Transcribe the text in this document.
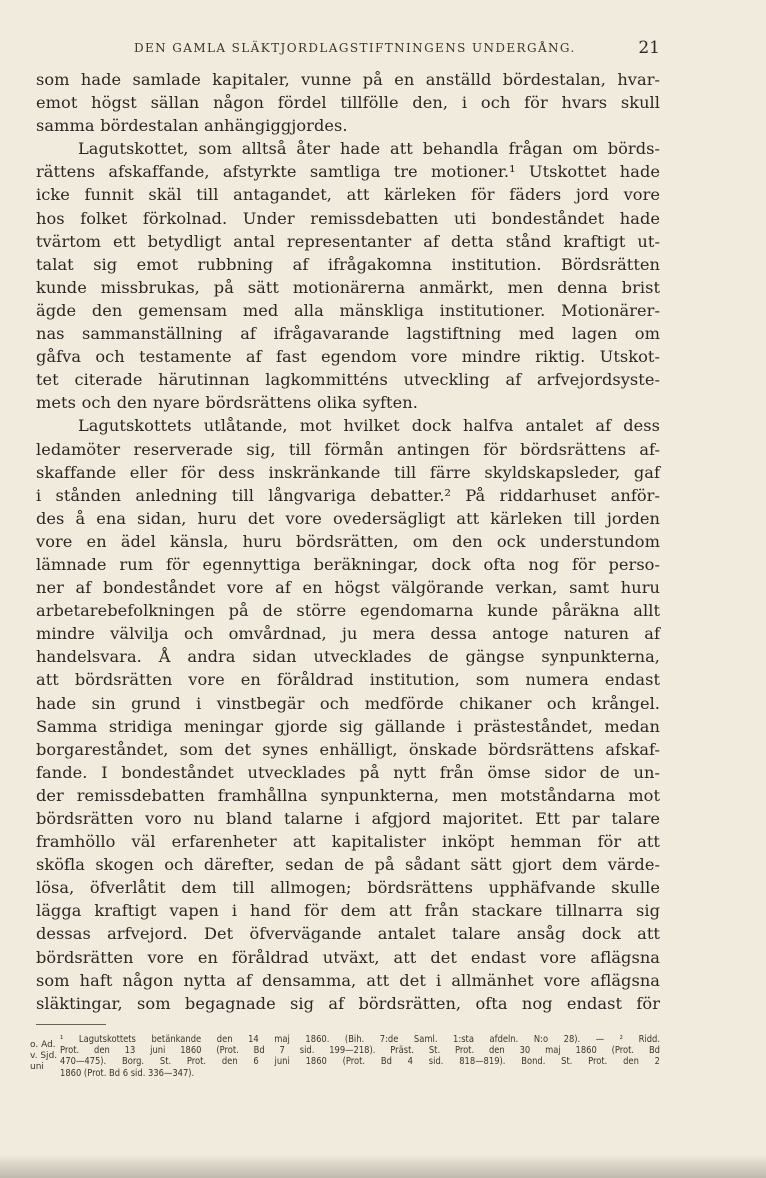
DEN GAMLA SLÄKTJORDLAGSTIFTNINGENS UNDERGÅNG.	21
som hade samlade kapitaler, vunne på en anställd bördestalan, hvar-
emot högst sällan någon fördel tillfölle den, i och för hvars skull
samma bördestalan anhängiggjordes.
Lagutskottet, som alltså åter hade att behandla frågan om börds-
rättens afskaffande, afstyrkte samtliga tre motioner.¹ Utskottet hade
icke funnit skäl till antagandet, att kärleken för fäders jord vore
hos folket förkolnad. Under remissdebatten uti bondeståndet hade
tvärtom ett betydligt antal representanter af detta stånd kraftigt ut-
talat sig emot rubbning af ifrågakomna institution. Bördsrätten
kunde missbrukas, på sätt motionärerna anmärkt, men denna brist
ägde den gemensam med alla mänskliga institutioner. Motionärer-
nas sammanställning af ifrågavarande lagstiftning med lagen om
gåfva och testamente af fast egendom vore mindre riktig. Utskot-
tet citerade härutinnan lagkommitténs utveckling af arfvejordsyste-
mets och den nyare bördsrättens olika syften.
Lagutskottets utlåtande, mot hvilket dock halfva antalet af dess
ledamöter reserverade sig, till förmån antingen för bördsrättens af-
skaffande eller för dess inskränkande till färre skyldskapsleder, gaf
i stånden anledning till långvariga debatter.² På riddarhuset anför-
des å ena sidan, huru det vore ovedersägligt att kärleken till jorden
vore en ädel känsla, huru bördsrätten, om den ock understundom
lämnade rum för egennyttiga beräkningar, dock ofta nog för perso-
ner af bondeståndet vore af en högst välgörande verkan, samt huru
arbetarebefolkningen på de större egendomarna kunde påräkna allt
mindre välvilja och omvårdnad, ju mera dessa antoge naturen af
handelsvara. Å andra sidan utvecklades de gängse synpunkterna,
att bördsrätten vore en föråldrad institution, som numera endast
hade sin grund i vinstbegär och medförde chikaner och krångel.
Samma stridiga meningar gjorde sig gällande i prästeståndet, medan
borgareståndet, som det synes enhälligt, önskade bördsrättens afskaf-
fande. I bondeståndet utvecklades på nytt från ömse sidor de un-
der remissdebatten framhållna synpunkterna, men motståndarna mot
bördsrätten voro nu bland talarne i afgjord majoritet. Ett par talare
framhöllo väl erfarenheter att kapitalister inköpt hemman för att
sköfla skogen och därefter, sedan de på sådant sätt gjort dem värde-
lösa, öfverlåtit dem till allmogen; bördsrättens upphäfvande skulle
lägga kraftigt vapen i hand för dem att från stackare tillnarra sig
dessas arfvejord. Det öfvervägande antalet talare ansåg dock att
bördsrätten vore en föråldrad utväxt, att det endast vore aflägsna
som haft någon nytta af densamma, att det i allmänhet vore aflägsna
släktingar, som begagnade sig af bördsrätten, ofta nog endast för
o. Ad.
v. Sjd.
uni
¹ Lagutskottets betänkande den 14 maj 1860. (Bih. 7:de Saml. 1:sta afdeln. N:o 28). — ² Ridd.
Prot. den 13 juni 1860 (Prot. Bd 7 sid. 199—218). Präst. St. Prot. den 30 maj 1860 (Prot. Bd
470—475). Borg. St. Prot. den 6 juni 1860 (Prot. Bd 4 sid. 818—819). Bond. St. Prot. den 2
1860 (Prot. Bd 6 sid. 336—347).
